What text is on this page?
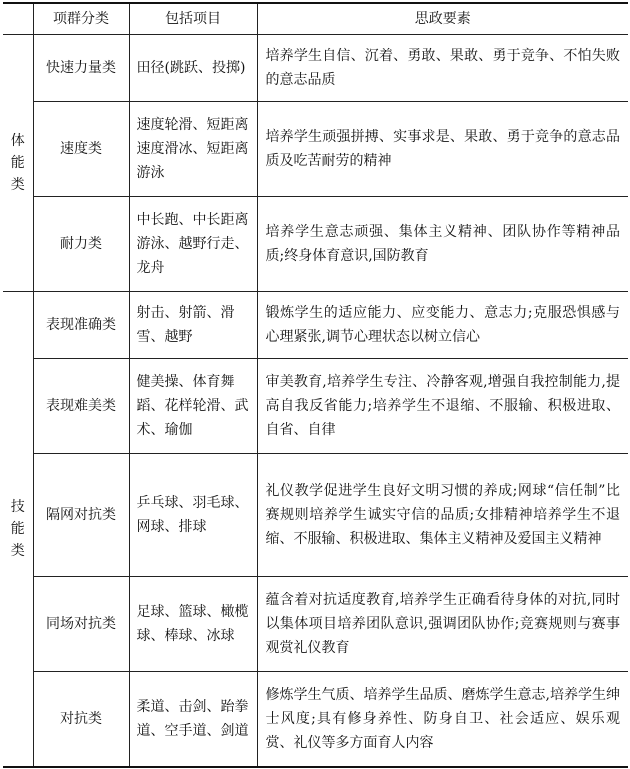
	项群分类	包括项目	思政要素
体能类	快速力量类	田径(跳跃、投掷)	培养学生自信、沉着、勇敢、果敢、勇于竞争、不怕失败的意志品质
	速度类	速度轮滑、短距离速度滑冰、短距离游泳	培养学生顽强拼搏、实事求是、果敢、勇于竞争的意志品质及吃苦耐劳的精神
	耐力类	中长跑、中长距离游泳、越野行走、龙舟	培养学生意志顽强、集体主义精神、团队协作等精神品质;终身体育意识,国防教育
技能类	表现准确类	射击、射箭、滑雪、越野	锻炼学生的适应能力、应变能力、意志力;克服恐惧感与心理紧张,调节心理状态以树立信心
	表现难美类	健美操、体育舞蹈、花样轮滑、武术、瑜伽	审美教育,培养学生专注、冷静客观,增强自我控制能力,提高自我反省能力;培养学生不退缩、不服输、积极进取、自省、自律
	隔网对抗类	乒乓球、羽毛球、网球、排球	礼仪教学促进学生良好文明习惯的养成;网球“信任制”比赛规则培养学生诚实守信的品质;女排精神培养学生不退缩、不服输、积极进取、集体主义精神及爱国主义精神
	同场对抗类	足球、篮球、橄榄球、棒球、冰球	蕴含着对抗适度教育,培养学生正确看待身体的对抗,同时以集体项目培养团队意识,强调团队协作;竞赛规则与赛事观赏礼仪教育
	对抗类	柔道、击剑、跆拳道、空手道、剑道	修炼学生气质、培养学生品质、磨炼学生意志,培养学生绅士风度;具有修身养性、防身自卫、社会适应、娱乐观赏、礼仪等多方面育人内容
